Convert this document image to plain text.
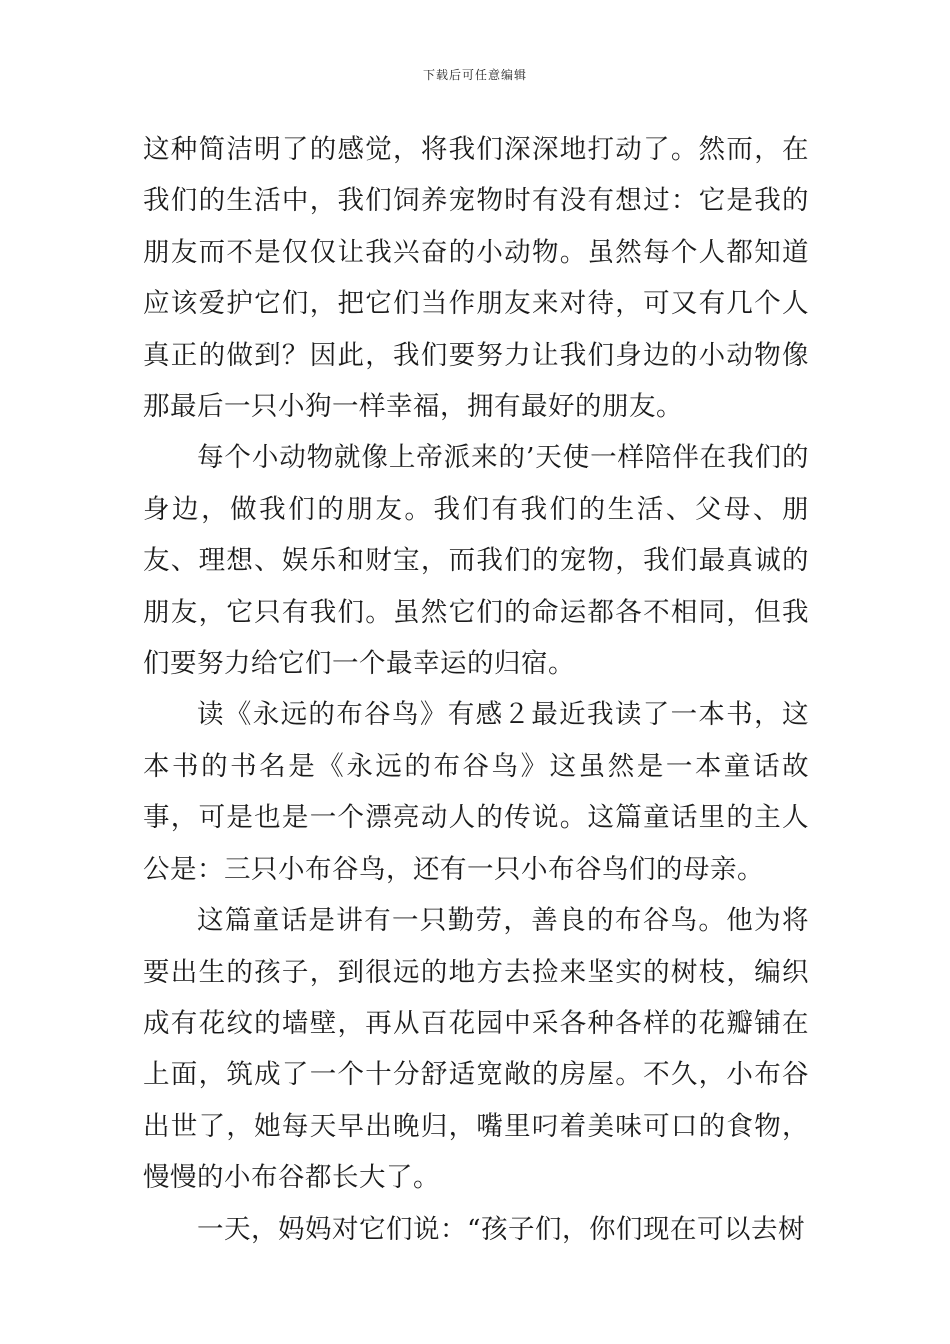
下载后可任意编辑

这种简洁明了的感觉，将我们深深地打动了。然而，在我们的生活中，我们饲养宠物时有没有想过：它是我的朋友而不是仅仅让我兴奋的小动物。虽然每个人都知道应该爱护它们，把它们当作朋友来对待，可又有几个人真正的做到？因此，我们要努力让我们身边的小动物像那最后一只小狗一样幸福，拥有最好的朋友。

每个小动物就像上帝派来的’天使一样陪伴在我们的身边，做我们的朋友。我们有我们的生活、父母、朋友、理想、娱乐和财宝，而我们的宠物，我们最真诚的朋友，它只有我们。虽然它们的命运都各不相同，但我们要努力给它们一个最幸运的归宿。

读《永远的布谷鸟》有感２最近我读了一本书，这本书的书名是《永远的布谷鸟》这虽然是一本童话故事，可是也是一个漂亮动人的传说。这篇童话里的主人公是：三只小布谷鸟，还有一只小布谷鸟们的母亲。

这篇童话是讲有一只勤劳，善良的布谷鸟。他为将要出生的孩子，到很远的地方去捡来坚实的树枝，编织成有花纹的墙壁，再从百花园中采各种各样的花瓣铺在上面，筑成了一个十分舒适宽敞的房屋。不久，小布谷出世了，她每天早出晚归，嘴里叼着美味可口的食物，慢慢的小布谷都长大了。

一天，妈妈对它们说：“孩子们，你们现在可以去树
